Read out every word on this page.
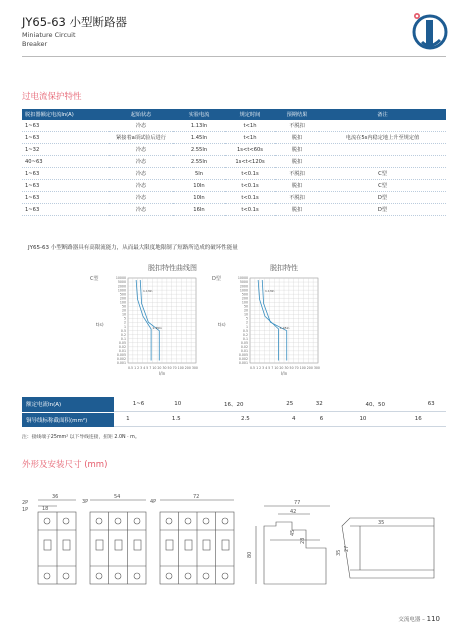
JY65-63 小型断路器
Miniature Circuit
Breaker
过电流保护特性
脱扣器额定电流In(A)	起始状态	实验电流	规定时间	预期结果	备注
1~63	冷态	1.13In	t<1h	不脱扣	
1~63	紧接着a项试验后进行	1.45In	t<1h	脱扣	电流在5s内稳定地上升至规定值
1~32	冷态	2.55In	1s<t<60s	脱扣	
40~63	冷态	2.55In	1s<t<120s	脱扣	
1~63	冷态	5In	t<0.1s	不脱扣	C型
1~63	冷态	10In	t<0.1s	脱扣	C型
1~63	冷态	10In	t<0.1s	不脱扣	D型
1~63	冷态	16In	t<0.1s	脱扣	D型
JY65-63 小型断路器具有高限流能力，从而最大限度地限制了短路所造成的破坏性能量
脱扣特性曲线图
C型
t(s)
10000
5000
2000
1000
500
200
100
50
20
10
5
2
1
0.5
0.2
0.1
0.05
0.02
0.01
0.005
0.002
0.001
0.5 1 2 3 4 5 7 10 20 30 50 70 100 200 300
I/In
1.13In
1.45In
脱扣特性
D型
t(s)
10000
5000
2000
1000
500
200
100
50
20
10
5
2
1
0.5
0.2
0.1
0.05
0.02
0.01
0.005
0.002
0.001
0.5 1 2 3 4 5 7 10 20 30 50 70 100 200 300
I/In
1.13In
1.45In
额定电流In(A)		1~6	10	16、20	25	32	40、50	63

铜导线标称截面积(mm²)		1	1.5	2.5	4	6	10	16
注：接线端子25mm² 以下导线连接，扭矩 2.0N · m。
外形及安装尺寸 (mm)
2P
1P
36
18
3P
54
4P
72
77
42
80
45
28
35
27
35
交流电器 – 110
